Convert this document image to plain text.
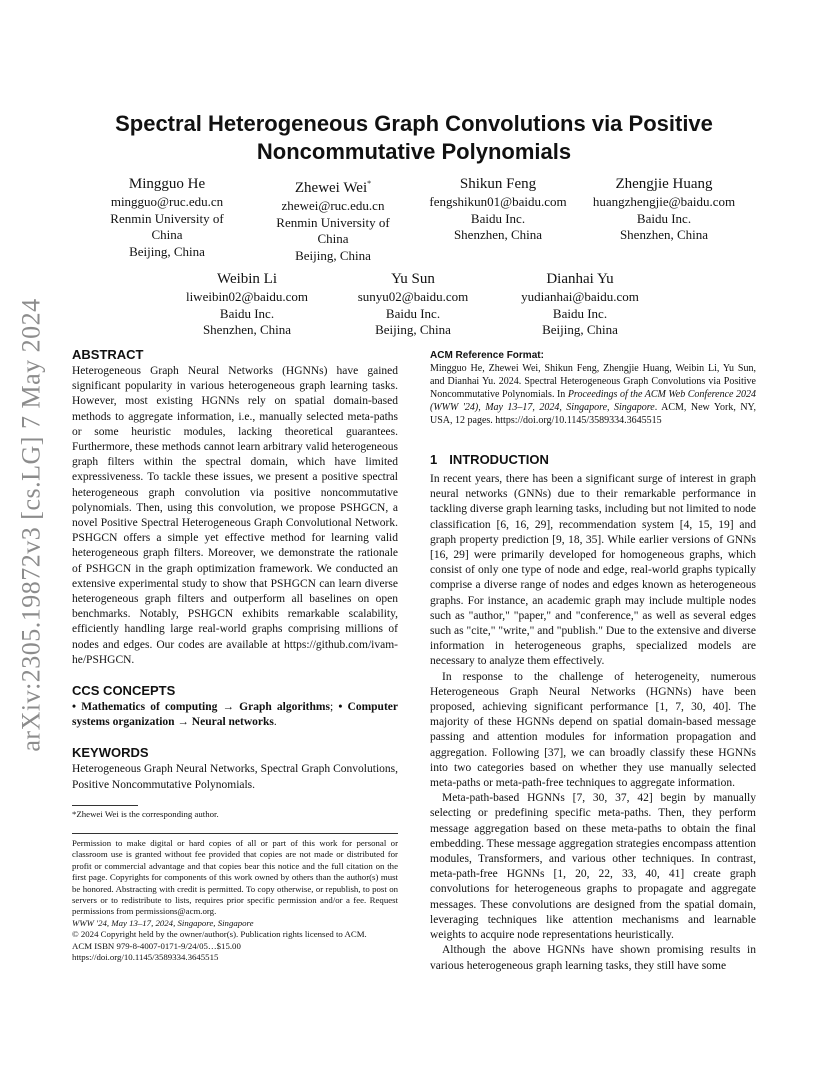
arXiv:2305.19872v3 [cs.LG] 7 May 2024
Spectral Heterogeneous Graph Convolutions via Positive
Noncommutative Polynomials
Mingguo He
mingguo@ruc.edu.cn
Renmin University of
China
Beijing, China
Zhewei Wei*
zhewei@ruc.edu.cn
Renmin University of
China
Beijing, China
Shikun Feng
fengshikun01@baidu.com
Baidu Inc.
Shenzhen, China
Zhengjie Huang
huangzhengjie@baidu.com
Baidu Inc.
Shenzhen, China
Weibin Li
liweibin02@baidu.com
Baidu Inc.
Shenzhen, China
Yu Sun
sunyu02@baidu.com
Baidu Inc.
Beijing, China
Dianhai Yu
yudianhai@baidu.com
Baidu Inc.
Beijing, China
ABSTRACT

Heterogeneous Graph Neural Networks (HGNNs) have gained significant popularity in various heterogeneous graph learning tasks. However, most existing HGNNs rely on spatial domain-based methods to aggregate information, i.e., manually selected meta-paths or some heuristic modules, lacking theoretical guarantees. Furthermore, these methods cannot learn arbitrary valid heterogeneous graph filters within the spectral domain, which have limited expressiveness. To tackle these issues, we present a positive spectral heterogeneous graph convolution via positive noncommutative polynomials. Then, using this convolution, we propose PSHGCN, a novel Positive Spectral Heterogeneous Graph Convolutional Network. PSHGCN offers a simple yet effective method for learning valid heterogeneous graph filters. Moreover, we demonstrate the rationale of PSHGCN in the graph optimization framework. We conducted an extensive experimental study to show that PSHGCN can learn diverse heterogeneous graph filters and outperform all baselines on open benchmarks. Notably, PSHGCN exhibits remarkable scalability, efficiently handling large real-world graphs comprising millions of nodes and edges. Our codes are available at https://github.com/ivam-he/PSHGCN.

CCS CONCEPTS

• Mathematics of computing → Graph algorithms; • Computer systems organization → Neural networks.

KEYWORDS

Heterogeneous Graph Neural Networks, Spectral Graph Convolutions, Positive Noncommutative Polynomials.

*Zhewei Wei is the corresponding author.

Permission to make digital or hard copies of all or part of this work for personal or classroom use is granted without fee provided that copies are not made or distributed for profit or commercial advantage and that copies bear this notice and the full citation on the first page. Copyrights for components of this work owned by others than the author(s) must be honored. Abstracting with credit is permitted. To copy otherwise, or republish, to post on servers or to redistribute to lists, requires prior specific permission and/or a fee. Request permissions from permissions@acm.org.

WWW '24, May 13–17, 2024, Singapore, Singapore

© 2024 Copyright held by the owner/author(s). Publication rights licensed to ACM.

ACM ISBN 979-8-4007-0171-9/24/05…$15.00

https://doi.org/10.1145/3589334.3645515

ACM Reference Format:

Mingguo He, Zhewei Wei, Shikun Feng, Zhengjie Huang, Weibin Li, Yu Sun, and Dianhai Yu. 2024. Spectral Heterogeneous Graph Convolutions via Positive Noncommutative Polynomials. In Proceedings of the ACM Web Conference 2024 (WWW '24), May 13–17, 2024, Singapore, Singapore. ACM, New York, NY, USA, 12 pages. https://doi.org/10.1145/3589334.3645515

1 INTRODUCTION

In recent years, there has been a significant surge of interest in graph neural networks (GNNs) due to their remarkable performance in tackling diverse graph learning tasks, including but not limited to node classification [6, 16, 29], recommendation system [4, 15, 19] and graph property prediction [9, 18, 35]. While earlier versions of GNNs [16, 29] were primarily developed for homogeneous graphs, which consist of only one type of node and edge, real-world graphs typically comprise a diverse range of nodes and edges known as heterogeneous graphs. For instance, an academic graph may include multiple nodes such as "author," "paper," and "conference," as well as several edges such as "cite," "write," and "publish." Due to the extensive and diverse information in heterogeneous graphs, specialized models are necessary to analyze them effectively.

In response to the challenge of heterogeneity, numerous Heterogeneous Graph Neural Networks (HGNNs) have been proposed, achieving significant performance [1, 7, 30, 40]. The majority of these HGNNs depend on spatial domain-based message passing and attention modules for information propagation and aggregation. Following [37], we can broadly classify these HGNNs into two categories based on whether they use manually selected meta-paths or meta-path-free techniques to aggregate information.

Meta-path-based HGNNs [7, 30, 37, 42] begin by manually selecting or predefining specific meta-paths. Then, they perform message aggregation based on these meta-paths to obtain the final embedding. These message aggregation strategies encompass attention modules, Transformers, and various other techniques. In contrast, meta-path-free HGNNs [1, 20, 22, 33, 40, 41] create graph convolutions for heterogeneous graphs to propagate and aggregate messages. These convolutions are designed from the spatial domain, leveraging techniques like attention mechanisms and learnable weights to acquire node representations heuristically.

Although the above HGNNs have shown promising results in various heterogeneous graph learning tasks, they still have some
